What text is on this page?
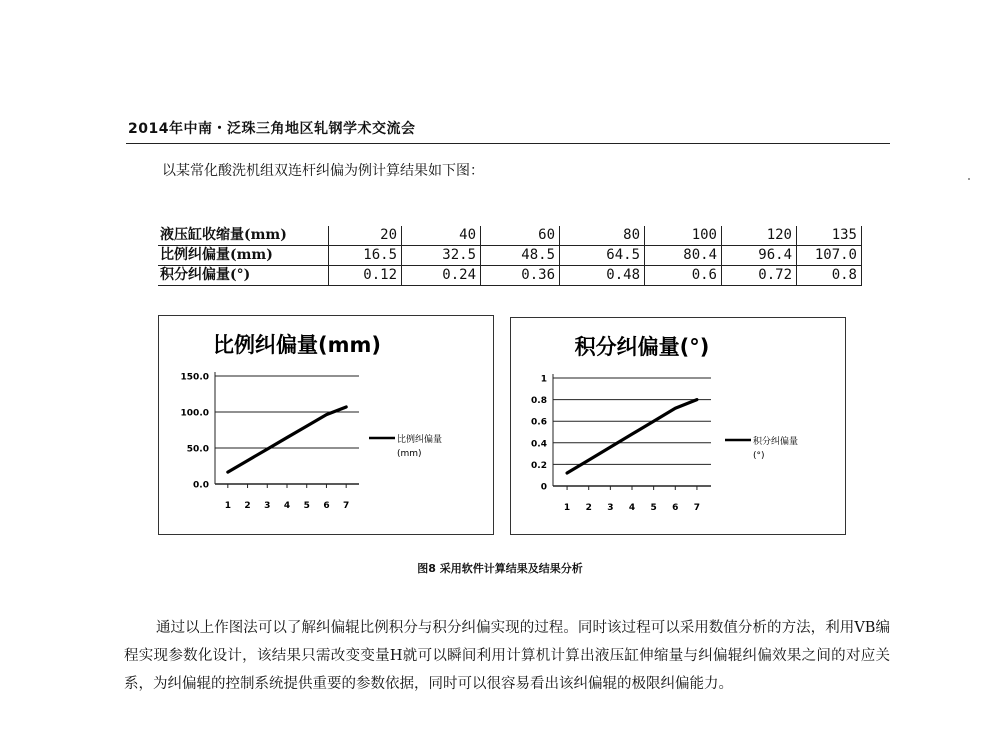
2014年中南・泛珠三角地区轧钢学术交流会
以某常化酸洗机组双连杆纠偏为例计算结果如下图：
液压缸收缩量(mm)	20	40	60	80	100	120	135
比例纠偏量(mm)	16.5	32.5	48.5	64.5	80.4	96.4	107.0
积分纠偏量(°)	0.12	0.24	0.36	0.48	0.6	0.72	0.8
比例纠偏量(mm)
0.0
50.0
100.0
150.0
1 2 3 4 5 6 7
比例纠偏量
(mm)
积分纠偏量(°)
0
0.2
0.4
0.6
0.8
1
1 2 3 4 5 6 7
积分纠偏量
(°)
图8 采用软件计算结果及结果分析

通过以上作图法可以了解纠偏辊比例积分与积分纠偏实现的过程。同时该过程可以采用数值分析的方法，利用VB编程实现参数化设计，该结果只需改变变量H就可以瞬间利用计算机计算出液压缸伸缩量与纠偏辊纠偏效果之间的对应关系，为纠偏辊的控制系统提供重要的参数依据，同时可以很容易看出该纠偏辊的极限纠偏能力。
